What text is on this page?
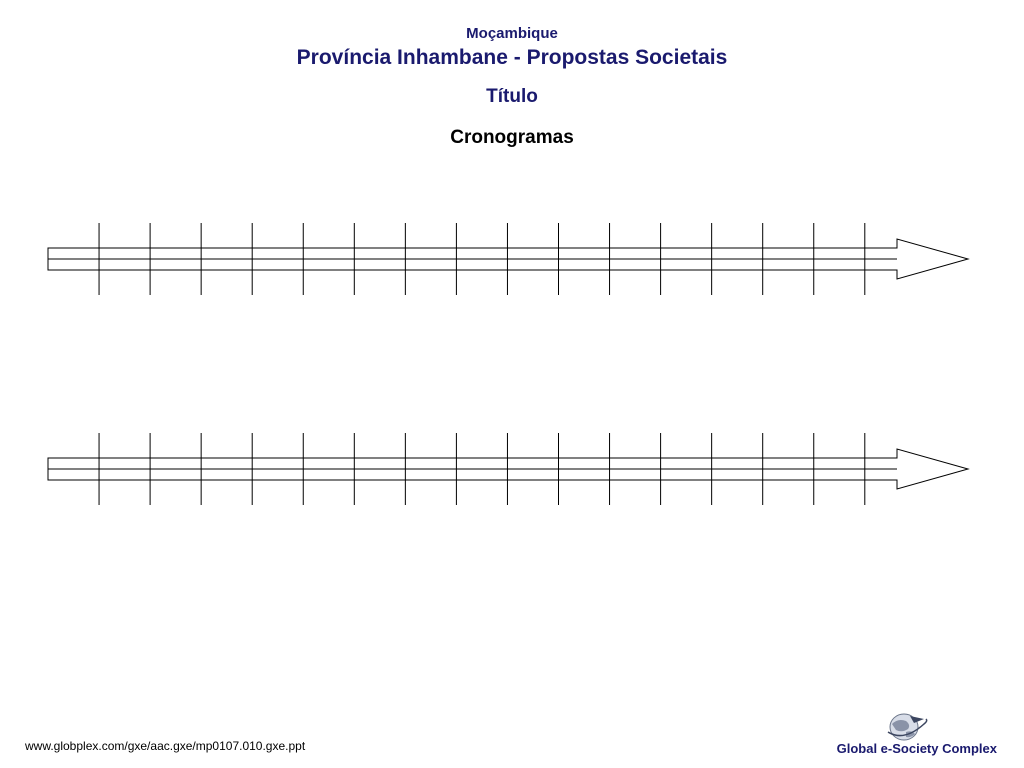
Moçambique
Província Inhambane - Propostas Societais
Título
Cronogramas
www.globplex.com/gxe/aac.gxe/mp0107.010.gxe.ppt	Global e-Society Complex
